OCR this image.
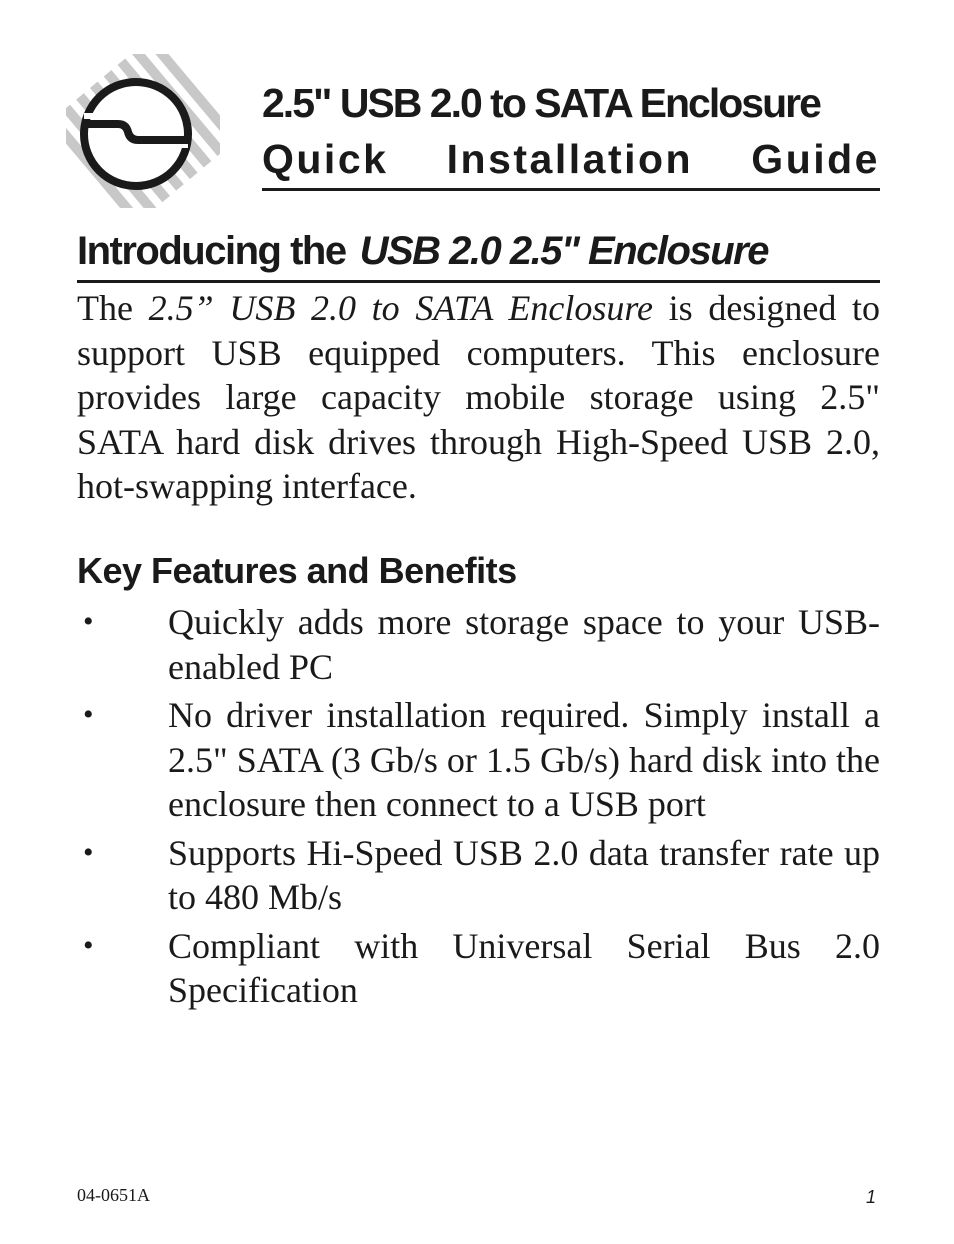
2.5" USB 2.0 to SATA Enclosure
Quick Installation Guide
Introducing the USB 2.0 2.5" Enclosure

The 2.5” USB 2.0 to SATA Enclosure is designed to support USB equipped computers. This enclosure provides large capacity mobile storage using 2.5" SATA hard disk drives through High-Speed USB 2.0, hot-swapping interface.

Key Features and Benefits
• Quickly adds more storage space to your USB-enabled PC
• No driver installation required. Simply install a 2.5" SATA (3 Gb/s or 1.5 Gb/s) hard disk into the enclosure then connect to a USB port
• Supports Hi-Speed USB 2.0 data transfer rate up to 480 Mb/s
• Compliant with Universal Serial Bus 2.0 Specification
04-0651A	1
